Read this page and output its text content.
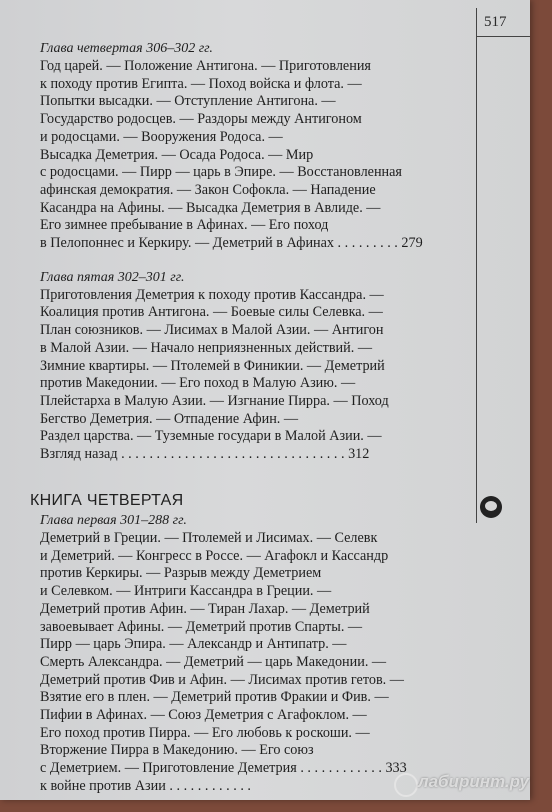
517

Глава четвертая 306–302 гг.

Год царей. — Положение Антигона. — Приготовления

к походу против Египта. — Поход войска и флота. —

Попытки высадки. — Отступление Антигона. —

Государство родосцев. — Раздоры между Антигоном

и родосцами. — Вооружения Родоса. —

Высадка Деметрия. — Осада Родоса. — Мир

с родосцами. — Пирр — царь в Эпире. — Восстановленная

афинская демократия. — Закон Софокла. — Нападение

Касандра на Афины. — Высадка Деметрия в Авлиде. —

Его зимнее пребывание в Афинах. — Его поход

в Пелопоннес и Керкиру. — Деметрий в Афинах . . . . . . . . . 279

Глава пятая 302–301 гг.

Приготовления Деметрия к походу против Кассандра. —

Коалиция против Антигона. — Боевые силы Селевка. —

План союзников. — Лисимах в Малой Азии. — Антигон

в Малой Азии. — Начало неприязненных действий. —

Зимние квартиры. — Птолемей в Финикии. — Деметрий

против Македонии. — Его поход в Малую Азию. —

Плейстарха в Малую Азии. — Изгнание Пирра. — Поход

Бегство Деметрия. — Отпадение Афин. —

Раздел царства. — Туземные государи в Малой Азии. —

Взгляд назад . . . . . . . . . . . . . . . . . . . . . . . . . . . . . . . . 312

КНИГА ЧЕТВЕРТАЯ

Глава первая 301–288 гг.

Деметрий в Греции. — Птолемей и Лисимах. — Селевк

и Деметрий. — Конгресс в Россе. — Агафокл и Кассандр

против Керкиры. — Разрыв между Деметрием

и Селевком. — Интриги Кассандра в Греции. —

Деметрий против Афин. — Тиран Лахар. — Деметрий

завоевывает Афины. — Деметрий против Спарты. —

Пирр — царь Эпира. — Александр и Антипатр. —

Смерть Александра. — Деметрий — царь Македонии. —

Деметрий против Фив и Афин. — Лисимах против гетов. —

Взятие его в плен. — Деметрий против Фракии и Фив. —

Пифии в Афинах. — Союз Деметрия с Агафоклом. —

Его поход против Пирра. — Его любовь к роскоши. —

Вторжение Пирра в Македонию. — Его союз

с Деметрием. — Приготовление Деметрия . . . . . . . . . . . . 333

к войне против Азии . . . . . . . . . . . .	лабиринт.ру
